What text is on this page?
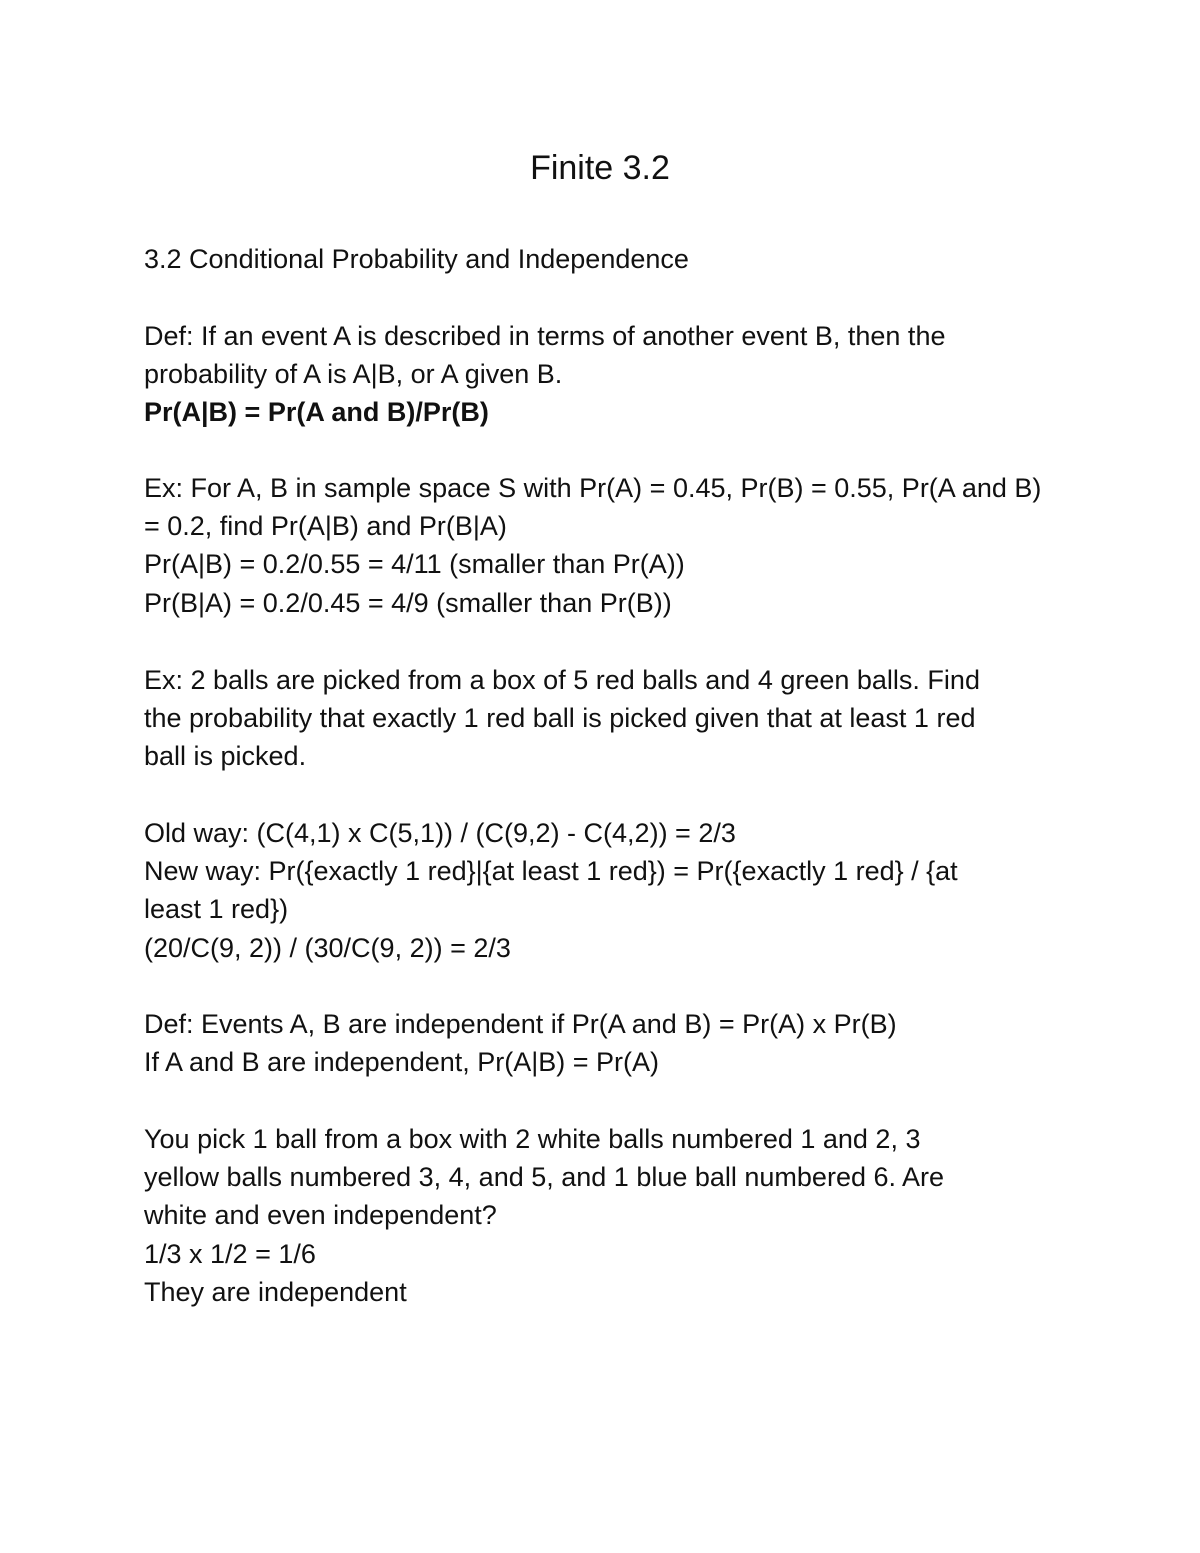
Finite 3.2
3.2 Conditional Probability and Independence
Def: If an event A is described in terms of another event B, then the
probability of A is A|B, or A given B.
Pr(A|B) = Pr(A and B)/Pr(B)
Ex: For A, B in sample space S with Pr(A) = 0.45, Pr(B) = 0.55, Pr(A and B)
= 0.2, find Pr(A|B) and Pr(B|A)
Pr(A|B) = 0.2/0.55 = 4/11 (smaller than Pr(A))
Pr(B|A) = 0.2/0.45 = 4/9 (smaller than Pr(B))
Ex: 2 balls are picked from a box of 5 red balls and 4 green balls. Find
the probability that exactly 1 red ball is picked given that at least 1 red
ball is picked.
Old way: (C(4,1) x C(5,1)) / (C(9,2) - C(4,2)) = 2/3
New way: Pr({exactly 1 red}|{at least 1 red}) = Pr({exactly 1 red} / {at
least 1 red})
(20/C(9, 2)) / (30/C(9, 2)) = 2/3
Def: Events A, B are independent if Pr(A and B) = Pr(A) x Pr(B)
If A and B are independent, Pr(A|B) = Pr(A)
You pick 1 ball from a box with 2 white balls numbered 1 and 2, 3
yellow balls numbered 3, 4, and 5, and 1 blue ball numbered 6. Are
white and even independent?
1/3 x 1/2 = 1/6
They are independent
